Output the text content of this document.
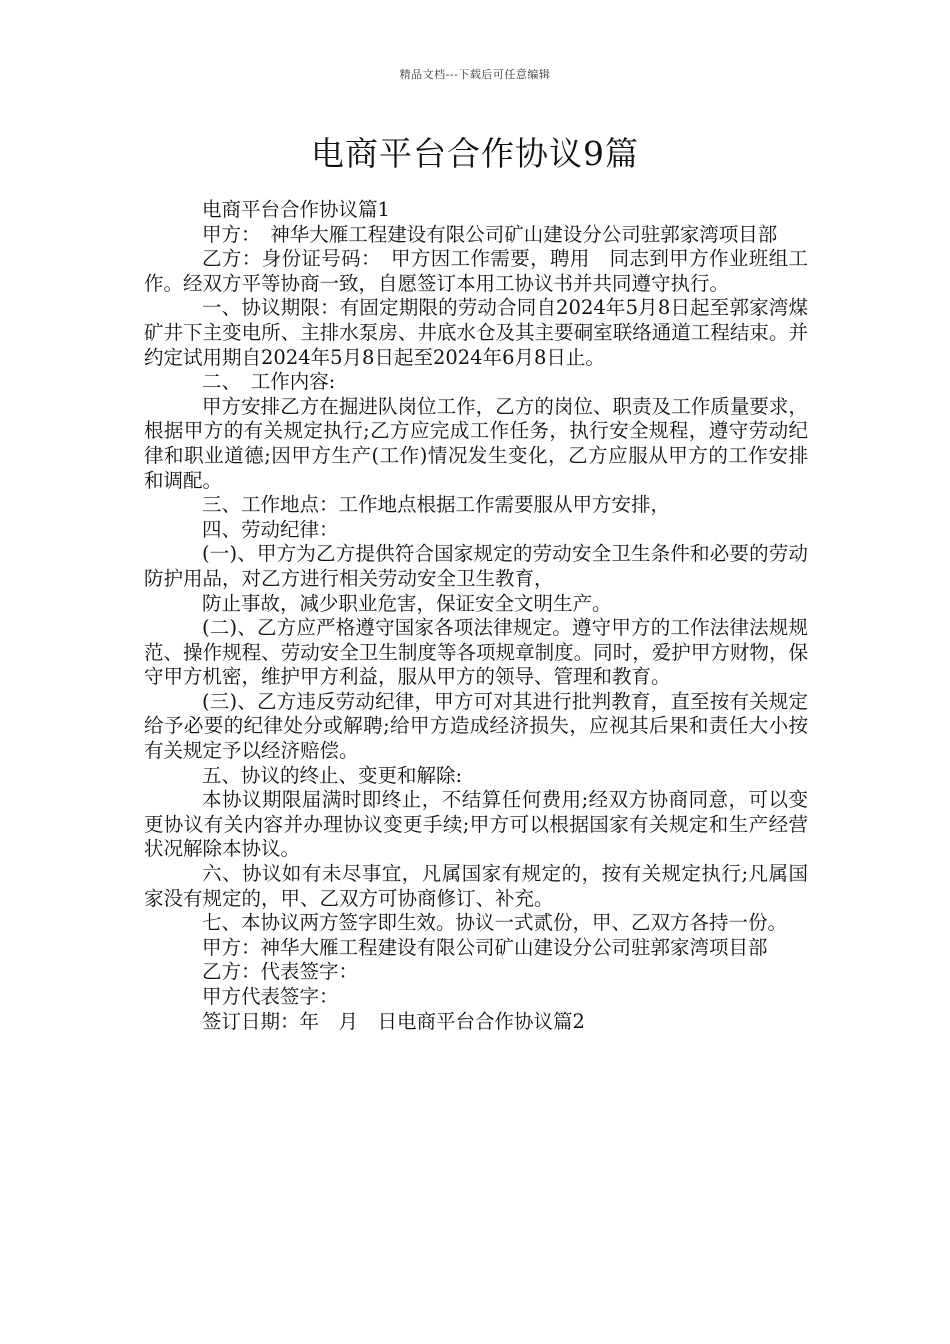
精品文档---下载后可任意编辑
电商平台合作协议9篇

电商平台合作协议篇1

甲方：　神华大雁工程建设有限公司矿山建设分公司驻郭家湾项目部

乙方：身份证号码：　甲方因工作需要，聘用　同志到甲方作业班组工作。经双方平等协商一致，自愿签订本用工协议书并共同遵守执行。

一、协议期限：有固定期限的劳动合同自2024年5月8日起至郭家湾煤矿井下主变电所、主排水泵房、井底水仓及其主要硐室联络通道工程结束。并约定试用期自2024年5月8日起至2024年6月8日止。

二、　工作内容:

甲方安排乙方在掘进队岗位工作，乙方的岗位、职责及工作质量要求，根据甲方的有关规定执行;乙方应完成工作任务，执行安全规程，遵守劳动纪律和职业道德;因甲方生产(工作)情况发生变化，乙方应服从甲方的工作安排和调配。

三、工作地点：工作地点根据工作需要服从甲方安排，

四、劳动纪律：

(一)、甲方为乙方提供符合国家规定的劳动安全卫生条件和必要的劳动防护用品，对乙方进行相关劳动安全卫生教育，

防止事故，减少职业危害，保证安全文明生产。

(二)、乙方应严格遵守国家各项法律规定。遵守甲方的工作法律法规规范、操作规程、劳动安全卫生制度等各项规章制度。同时，爱护甲方财物，保守甲方机密，维护甲方利益，服从甲方的领导、管理和教育。

(三)、乙方违反劳动纪律，甲方可对其进行批判教育，直至按有关规定给予必要的纪律处分或解聘;给甲方造成经济损失，应视其后果和责任大小按有关规定予以经济赔偿。

五、协议的终止、变更和解除:

本协议期限届满时即终止，不结算任何费用;经双方协商同意，可以变更协议有关内容并办理协议变更手续;甲方可以根据国家有关规定和生产经营状况解除本协议。

六、协议如有未尽事宜，凡属国家有规定的，按有关规定执行;凡属国家没有规定的，甲、乙双方可协商修订、补充。

七、本协议两方签字即生效。协议一式贰份，甲、乙双方各持一份。

甲方：神华大雁工程建设有限公司矿山建设分公司驻郭家湾项目部

乙方：代表签字：

甲方代表签字：

签订日期：年　月　日电商平台合作协议篇2
